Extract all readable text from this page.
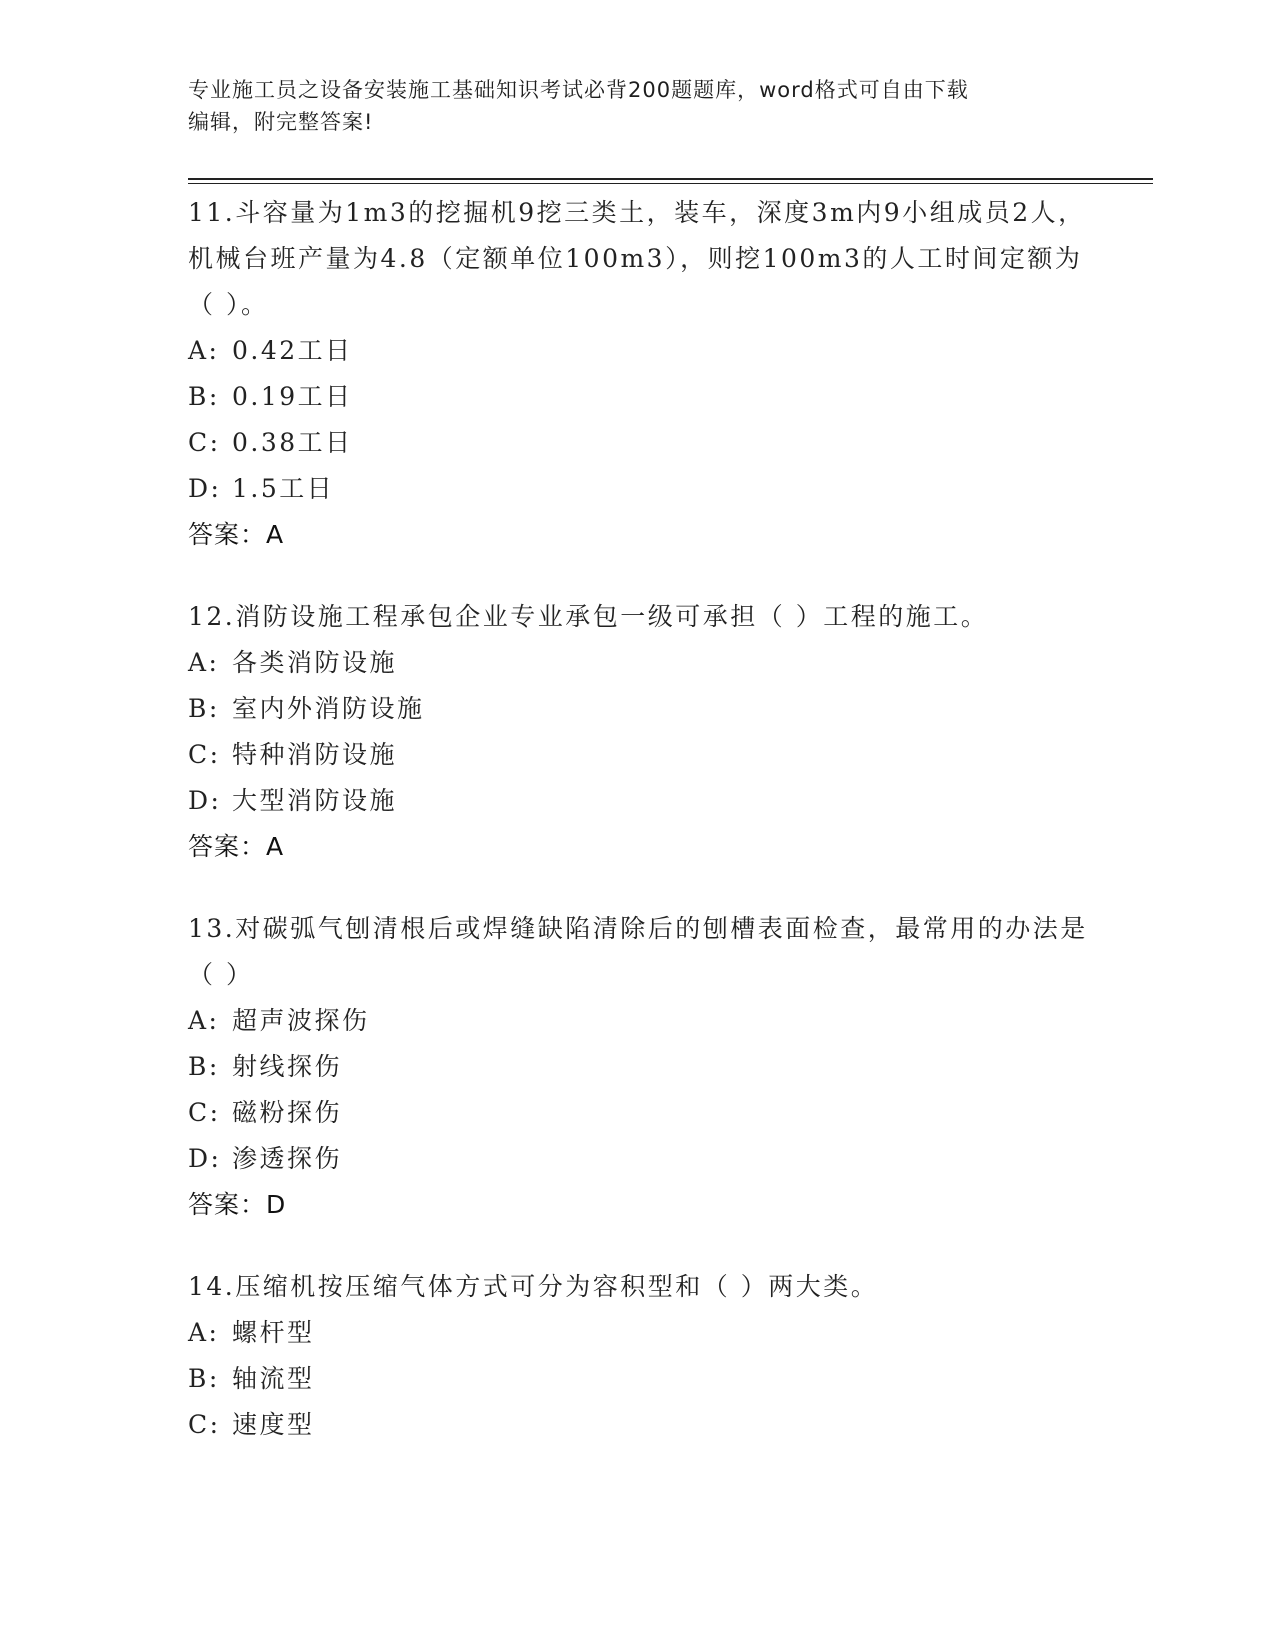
专业施工员之设备安装施工基础知识考试必背200题题库，word格式可自由下载
编辑，附完整答案!
11.斗容量为1m3的挖掘机9挖三类土，装车，深度3m内9小组成员2人，机械台班产量为4.8（定额单位100m3），则挖100m3的人工时间定额为（ ）。
A: 0.42工日
B: 0.19工日
C: 0.38工日
D: 1.5工日
答案：A
12.消防设施工程承包企业专业承包一级可承担（ ）工程的施工。
A: 各类消防设施
B: 室内外消防设施
C: 特种消防设施
D: 大型消防设施
答案：A
13.对碳弧气刨清根后或焊缝缺陷清除后的刨槽表面检查，最常用的办法是（ ）
A: 超声波探伤
B: 射线探伤
C: 磁粉探伤
D: 渗透探伤
答案：D
14.压缩机按压缩气体方式可分为容积型和（ ）两大类。
A: 螺杆型
B: 轴流型
C: 速度型
